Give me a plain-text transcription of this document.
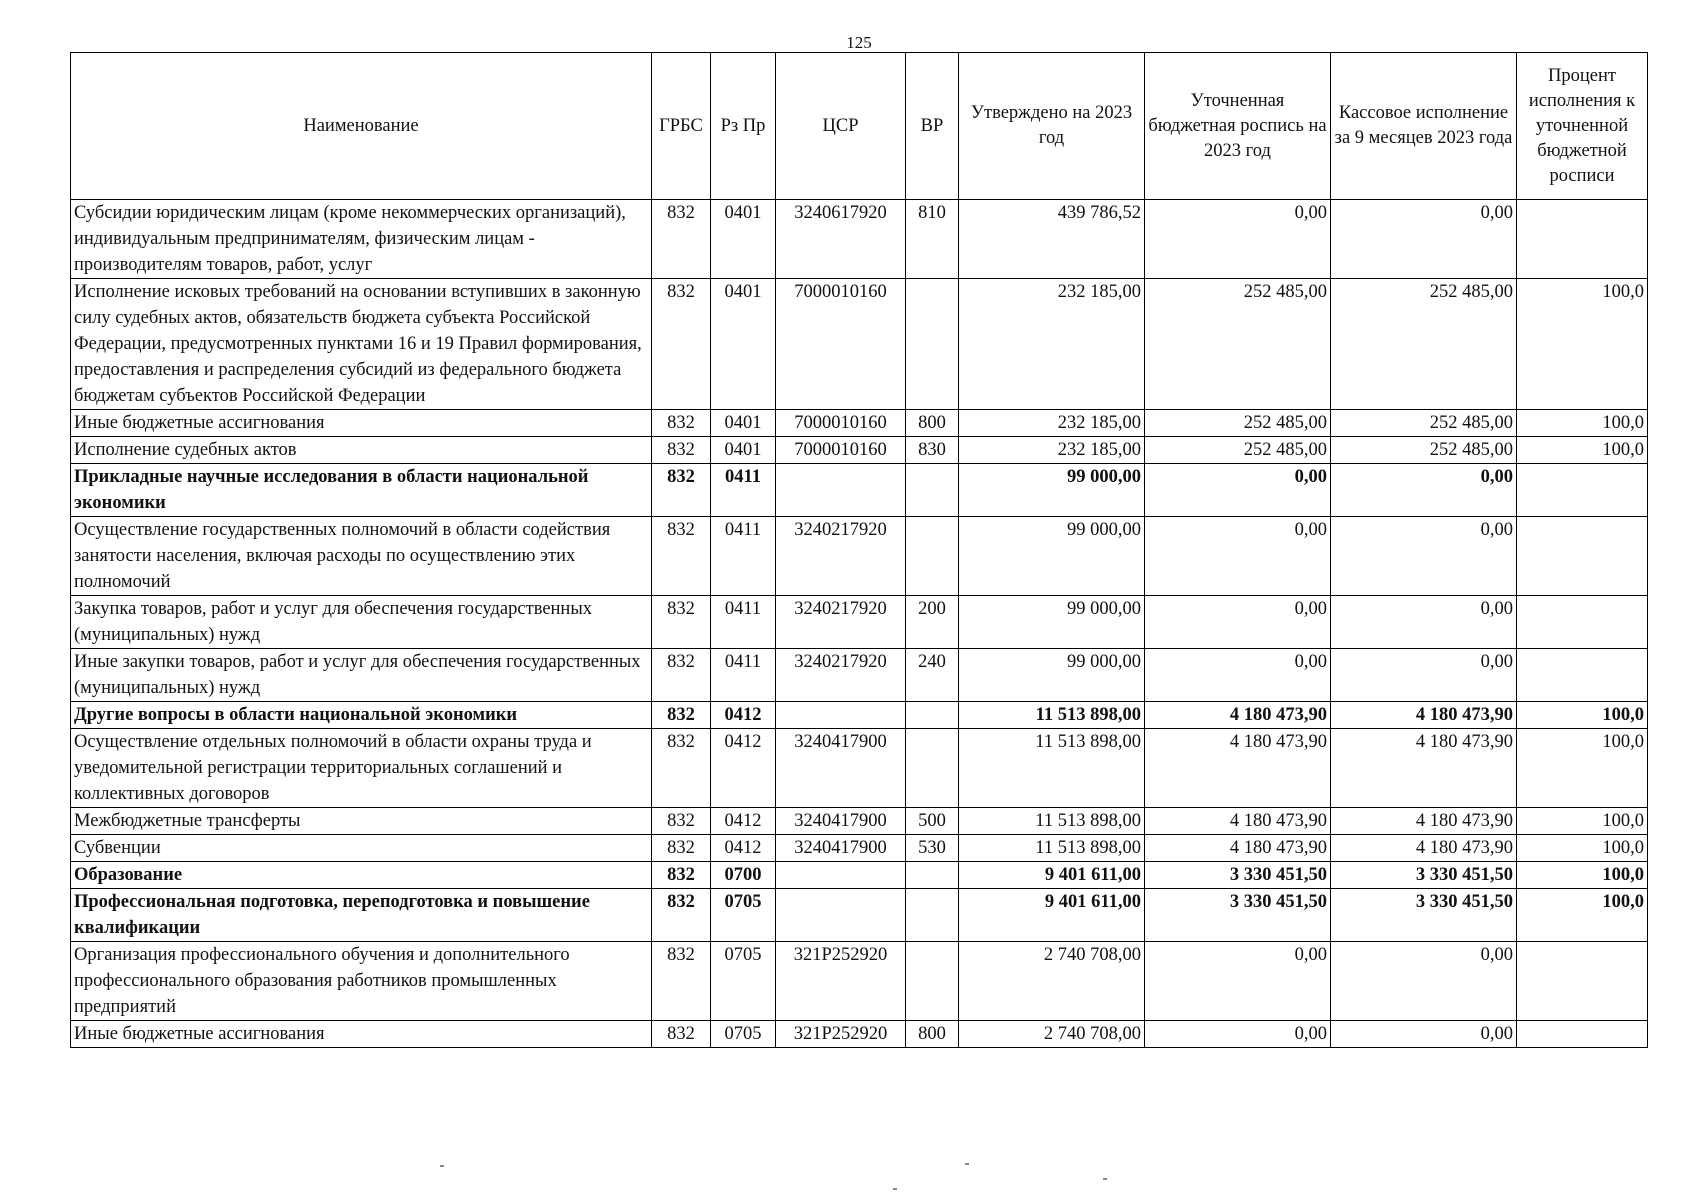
125
Наименование	ГРБС	Рз Пр	ЦСР	ВР	Утверждено на 2023 год	Уточненная бюджетная роспись на 2023 год	Кассовое исполнение за 9 месяцев 2023 года	Процент исполнения к уточненной бюджетной росписи
Субсидии юридическим лицам (кроме некоммерческих организаций), индивидуальным предпринимателям, физическим лицам - производителям товаров, работ, услуг	832	0401	3240617920	810	439 786,52	0,00	0,00	
Исполнение исковых требований на основании вступивших в законную силу судебных актов, обязательств бюджета субъекта Российской Федерации, предусмотренных пунктами 16 и 19 Правил формирования, предоставления и распределения субсидий из федерального бюджета бюджетам субъектов Российской Федерации	832	0401	7000010160		232 185,00	252 485,00	252 485,00	100,0
Иные бюджетные ассигнования	832	0401	7000010160	800	232 185,00	252 485,00	252 485,00	100,0
Исполнение судебных актов	832	0401	7000010160	830	232 185,00	252 485,00	252 485,00	100,0
Прикладные научные исследования в области национальной экономики	832	0411			99 000,00	0,00	0,00	
Осуществление государственных полномочий в области содействия занятости населения, включая расходы по осуществлению этих полномочий	832	0411	3240217920		99 000,00	0,00	0,00	
Закупка товаров, работ и услуг для обеспечения государственных (муниципальных) нужд	832	0411	3240217920	200	99 000,00	0,00	0,00	
Иные закупки товаров, работ и услуг для обеспечения государственных (муниципальных) нужд	832	0411	3240217920	240	99 000,00	0,00	0,00	
Другие вопросы в области национальной экономики	832	0412			11 513 898,00	4 180 473,90	4 180 473,90	100,0
Осуществление отдельных полномочий в области охраны труда и уведомительной регистрации территориальных соглашений и коллективных договоров	832	0412	3240417900		11 513 898,00	4 180 473,90	4 180 473,90	100,0
Межбюджетные трансферты	832	0412	3240417900	500	11 513 898,00	4 180 473,90	4 180 473,90	100,0
Субвенции	832	0412	3240417900	530	11 513 898,00	4 180 473,90	4 180 473,90	100,0
Образование	832	0700			9 401 611,00	3 330 451,50	3 330 451,50	100,0
Профессиональная подготовка, переподготовка и повышение квалификации	832	0705			9 401 611,00	3 330 451,50	3 330 451,50	100,0
Организация профессионального обучения и дополнительного профессионального образования работников промышленных предприятий	832	0705	321P252920		2 740 708,00	0,00	0,00	
Иные бюджетные ассигнования	832	0705	321P252920	800	2 740 708,00	0,00	0,00	
